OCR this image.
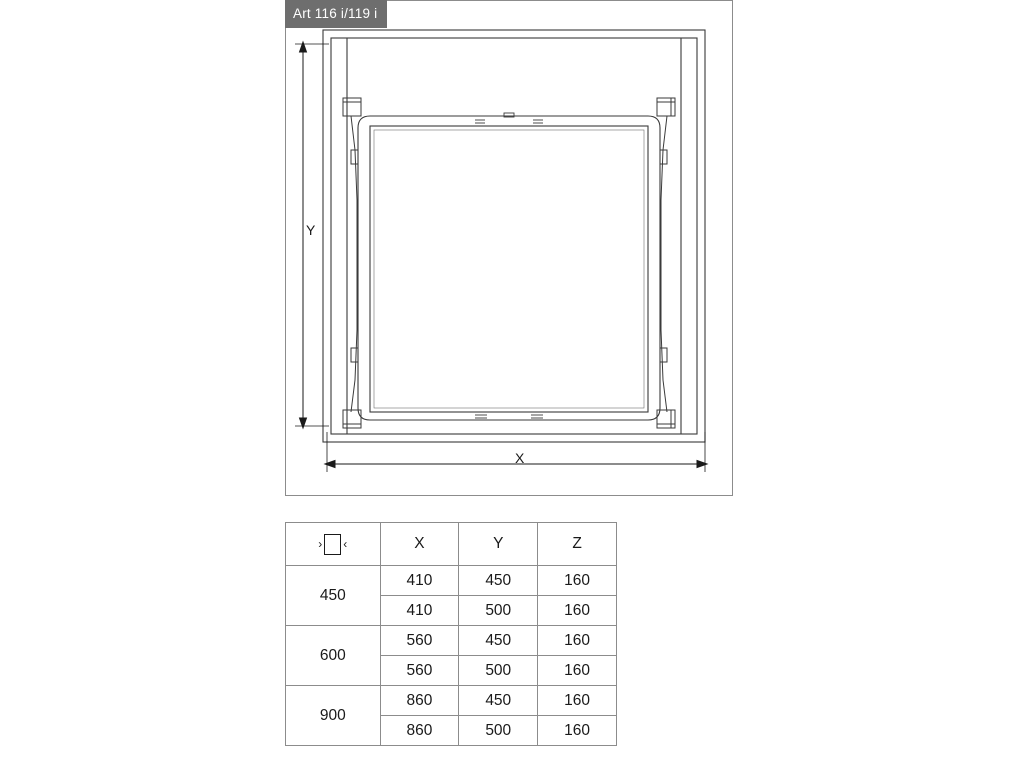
Art 116 i/119 i
Y
X
› ‹	X	Y	Z
450	410	450	160
	410	500	160
600	560	450	160
	560	500	160
900	860	450	160
	860	500	160
